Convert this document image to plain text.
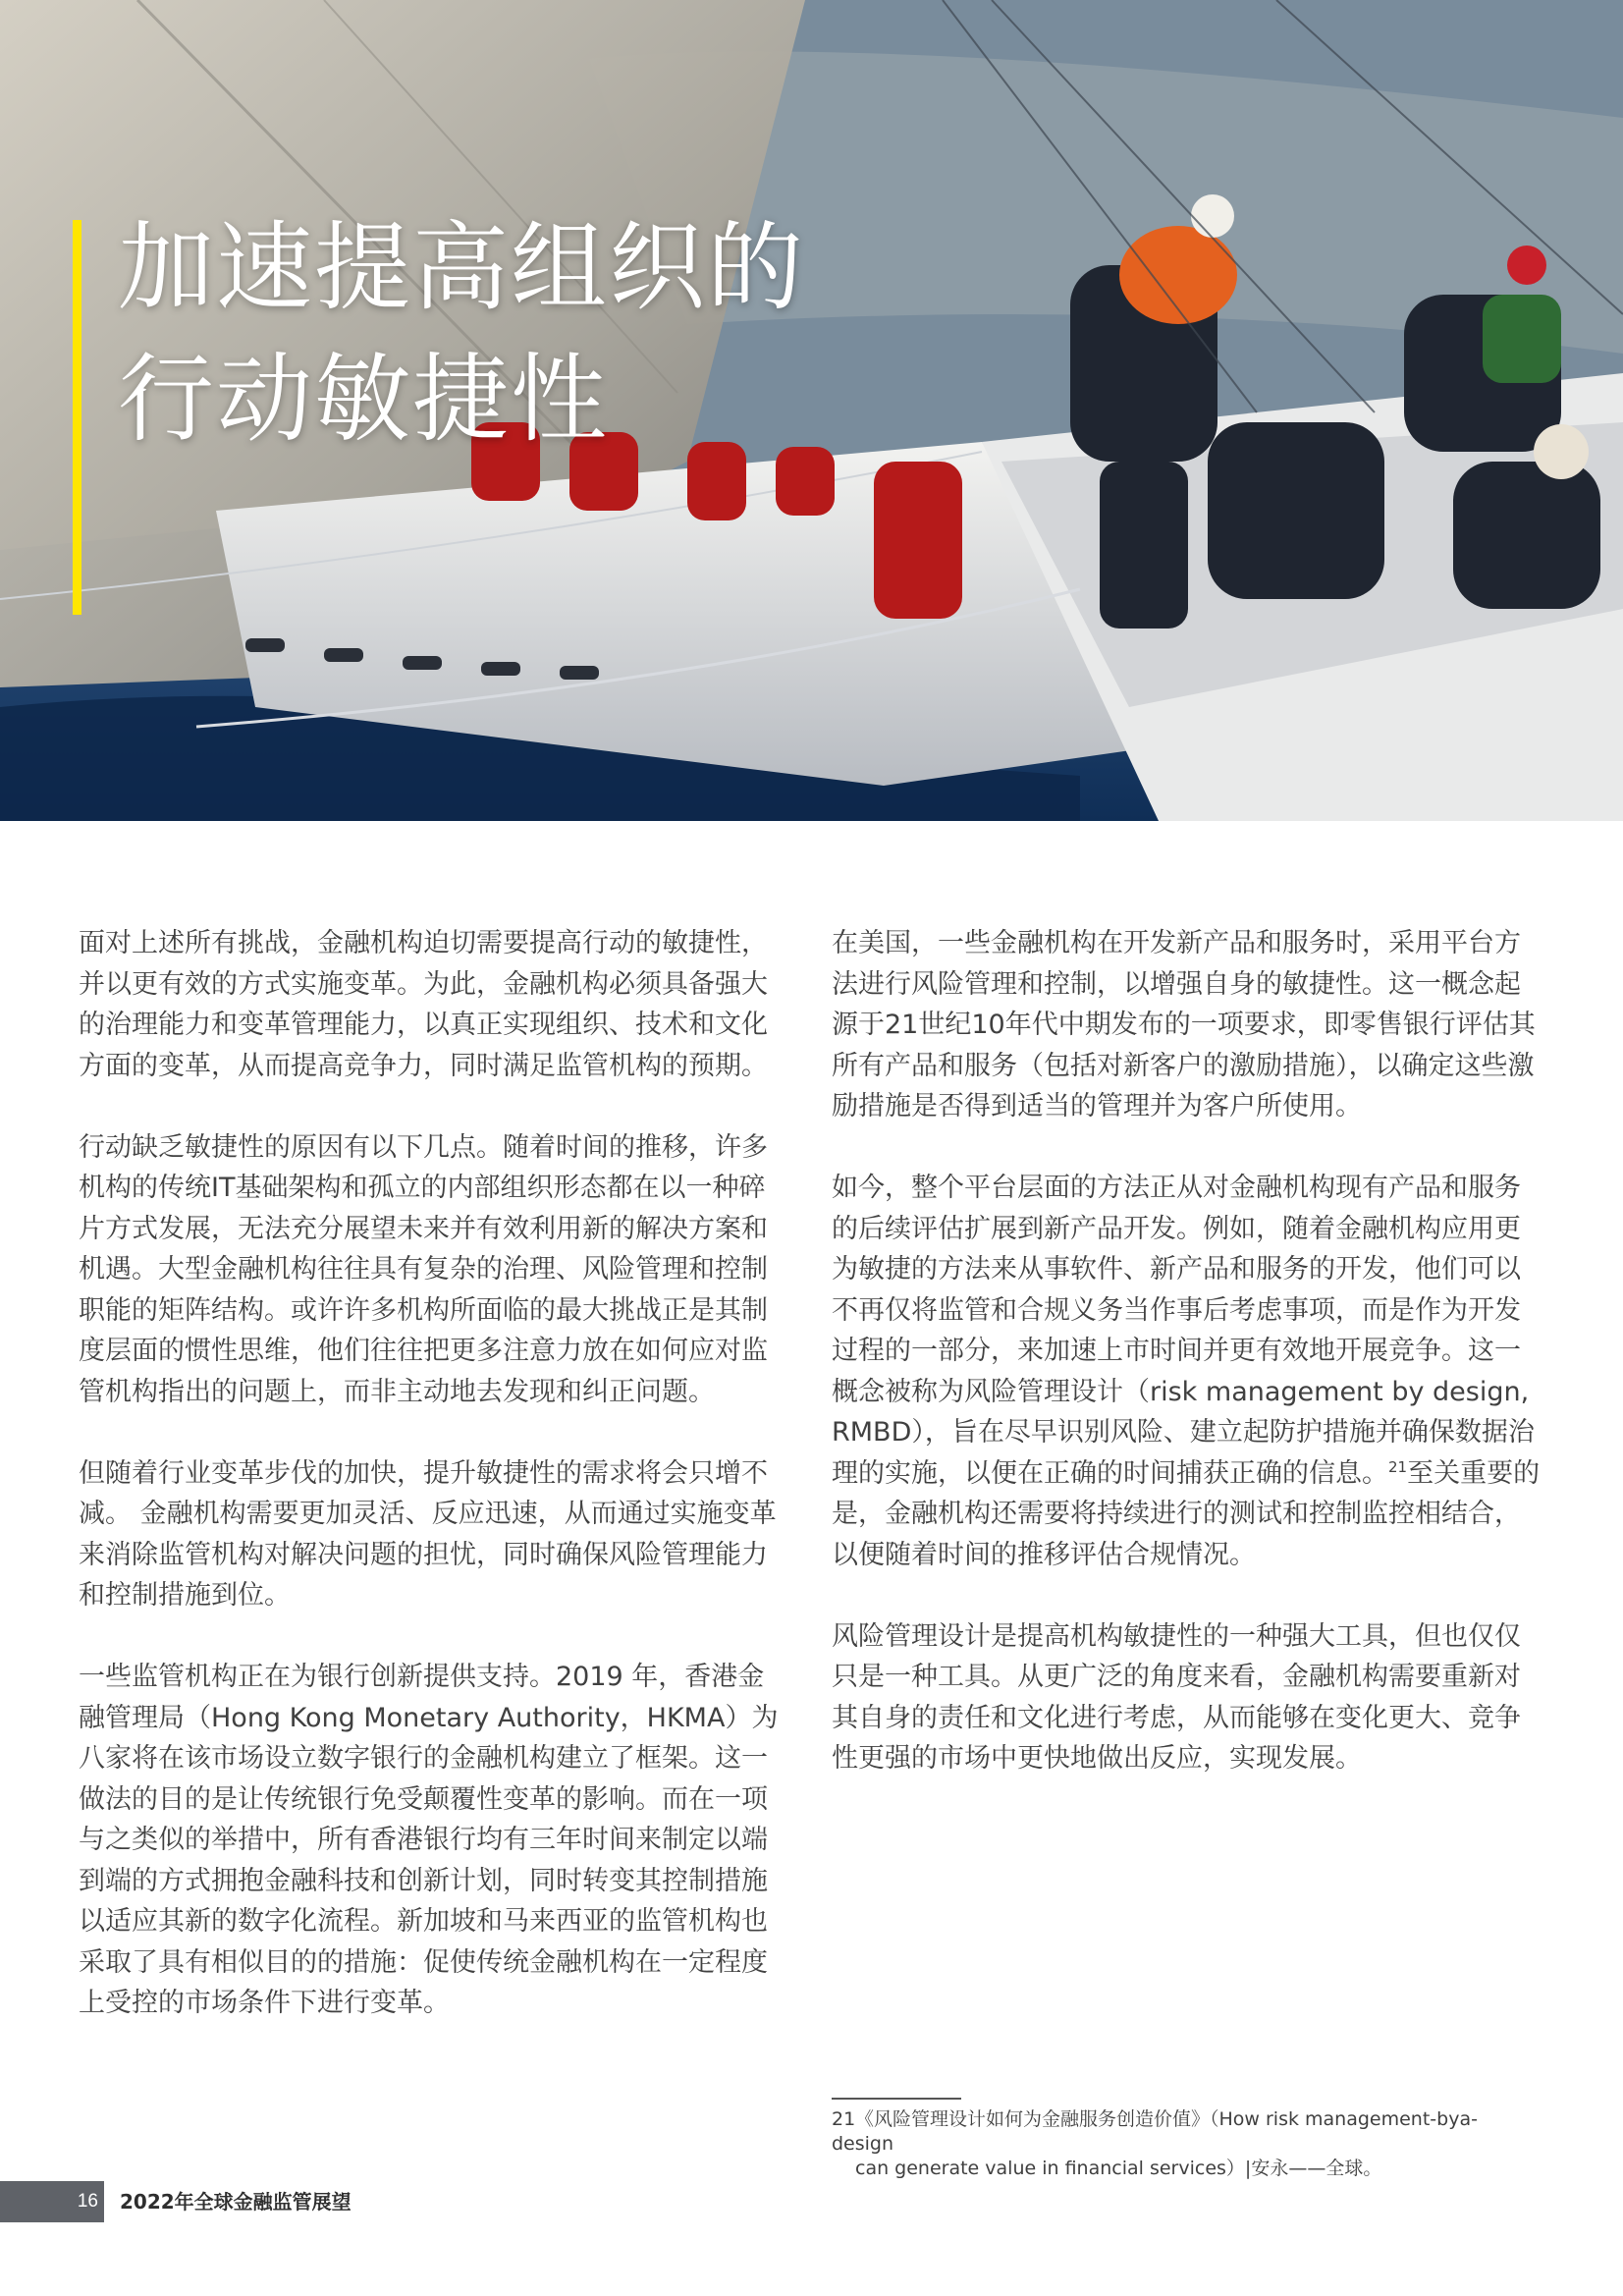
加速提高组织的
行动敏捷性

面对上述所有挑战，金融机构迫切需要提高行动的敏捷性，并以更有效的方式实施变革。为此，金融机构必须具备强大的治理能力和变革管理能力，以真正实现组织、技术和文化方面的变革，从而提高竞争力，同时满足监管机构的预期。

行动缺乏敏捷性的原因有以下几点。随着时间的推移，许多机构的传统IT基础架构和孤立的内部组织形态都在以一种碎片方式发展，无法充分展望未来并有效利用新的解决方案和机遇。大型金融机构往往具有复杂的治理、风险管理和控制职能的矩阵结构。或许许多机构所面临的最大挑战正是其制度层面的惯性思维，他们往往把更多注意力放在如何应对监管机构指出的问题上，而非主动地去发现和纠正问题。

但随着行业变革步伐的加快，提升敏捷性的需求将会只增不减。 金融机构需要更加灵活、反应迅速，从而通过实施变革来消除监管机构对解决问题的担忧，同时确保风险管理能力和控制措施到位。

一些监管机构正在为银行创新提供支持。2019 年，香港金融管理局（Hong Kong Monetary Authority，HKMA）为八家将在该市场设立数字银行的金融机构建立了框架。这一做法的目的是让传统银行免受颠覆性变革的影响。而在一项与之类似的举措中，所有香港银行均有三年时间来制定以端到端的方式拥抱金融科技和创新计划，同时转变其控制措施以适应其新的数字化流程。新加坡和马来西亚的监管机构也采取了具有相似目的的措施：促使传统金融机构在一定程度上受控的市场条件下进行变革。

在美国，一些金融机构在开发新产品和服务时，采用平台方法进行风险管理和控制，以增强自身的敏捷性。这一概念起源于21世纪10年代中期发布的一项要求，即零售银行评估其所有产品和服务（包括对新客户的激励措施），以确定这些激励措施是否得到适当的管理并为客户所使用。

如今，整个平台层面的方法正从对金融机构现有产品和服务的后续评估扩展到新产品开发。例如，随着金融机构应用更为敏捷的方法来从事软件、新产品和服务的开发，他们可以不再仅将监管和合规义务当作事后考虑事项，而是作为开发过程的一部分，来加速上市时间并更有效地开展竞争。这一概念被称为风险管理设计（risk management by design, RMBD），旨在尽早识别风险、建立起防护措施并确保数据治理的实施，以便在正确的时间捕获正确的信息。$^{21}$至关重要的是，金融机构还需要将持续进行的测试和控制监控相结合，以便随着时间的推移评估合规情况。

风险管理设计是提高机构敏捷性的一种强大工具，但也仅仅只是一种工具。从更广泛的角度来看，金融机构需要重新对其自身的责任和文化进行考虑，从而能够在变化更大、竞争性更强的市场中更快地做出反应，实现发展。

21《风险管理设计如何为金融服务创造价值》（How risk management-bya-design
can generate value in financial services）|安永——全球。
16 2022年全球金融监管展望
